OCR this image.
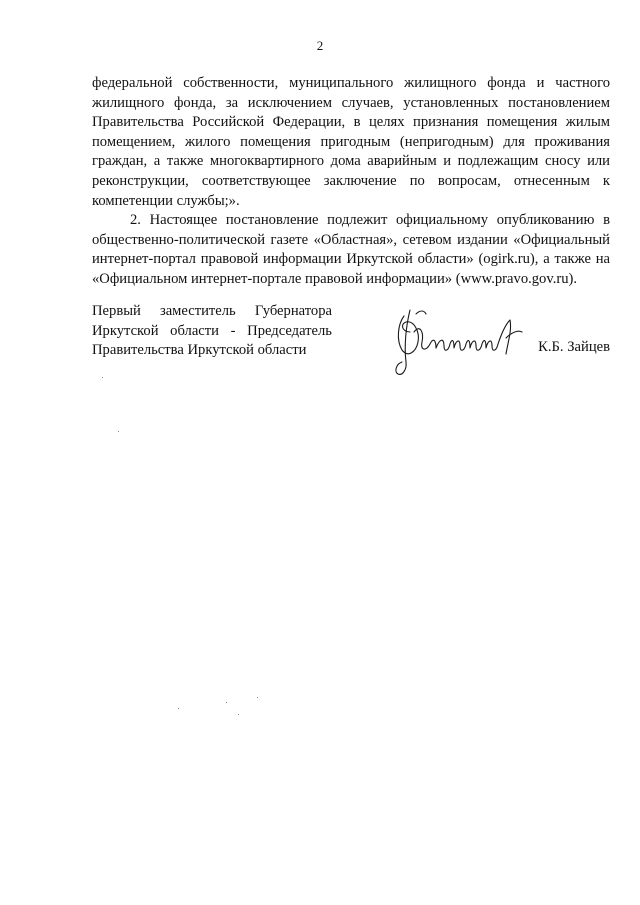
2

федеральной собственности, муниципального жилищного фонда и частного жилищного фонда, за исключением случаев, установленных постановлением Правительства Российской Федерации, в целях признания помещения жилым помещением, жилого помещения пригодным (непригодным) для проживания граждан, а также многоквартирного дома аварийным и подлежащим сносу или реконструкции, соответствующее заключение по вопросам, отнесенным к компетенции службы;».

2. Настоящее постановление подлежит официальному опубликованию в общественно-политической газете «Областная», сетевом издании «Официальный интернет-портал правовой информации Иркутской области» (ogirk.ru), а также на «Официальном интернет-портале правовой информации» (www.pravo.gov.ru).

Первый заместитель Губернатора
Иркутской области - Председатель
Правительства Иркутской области	К.Б. Зайцев
